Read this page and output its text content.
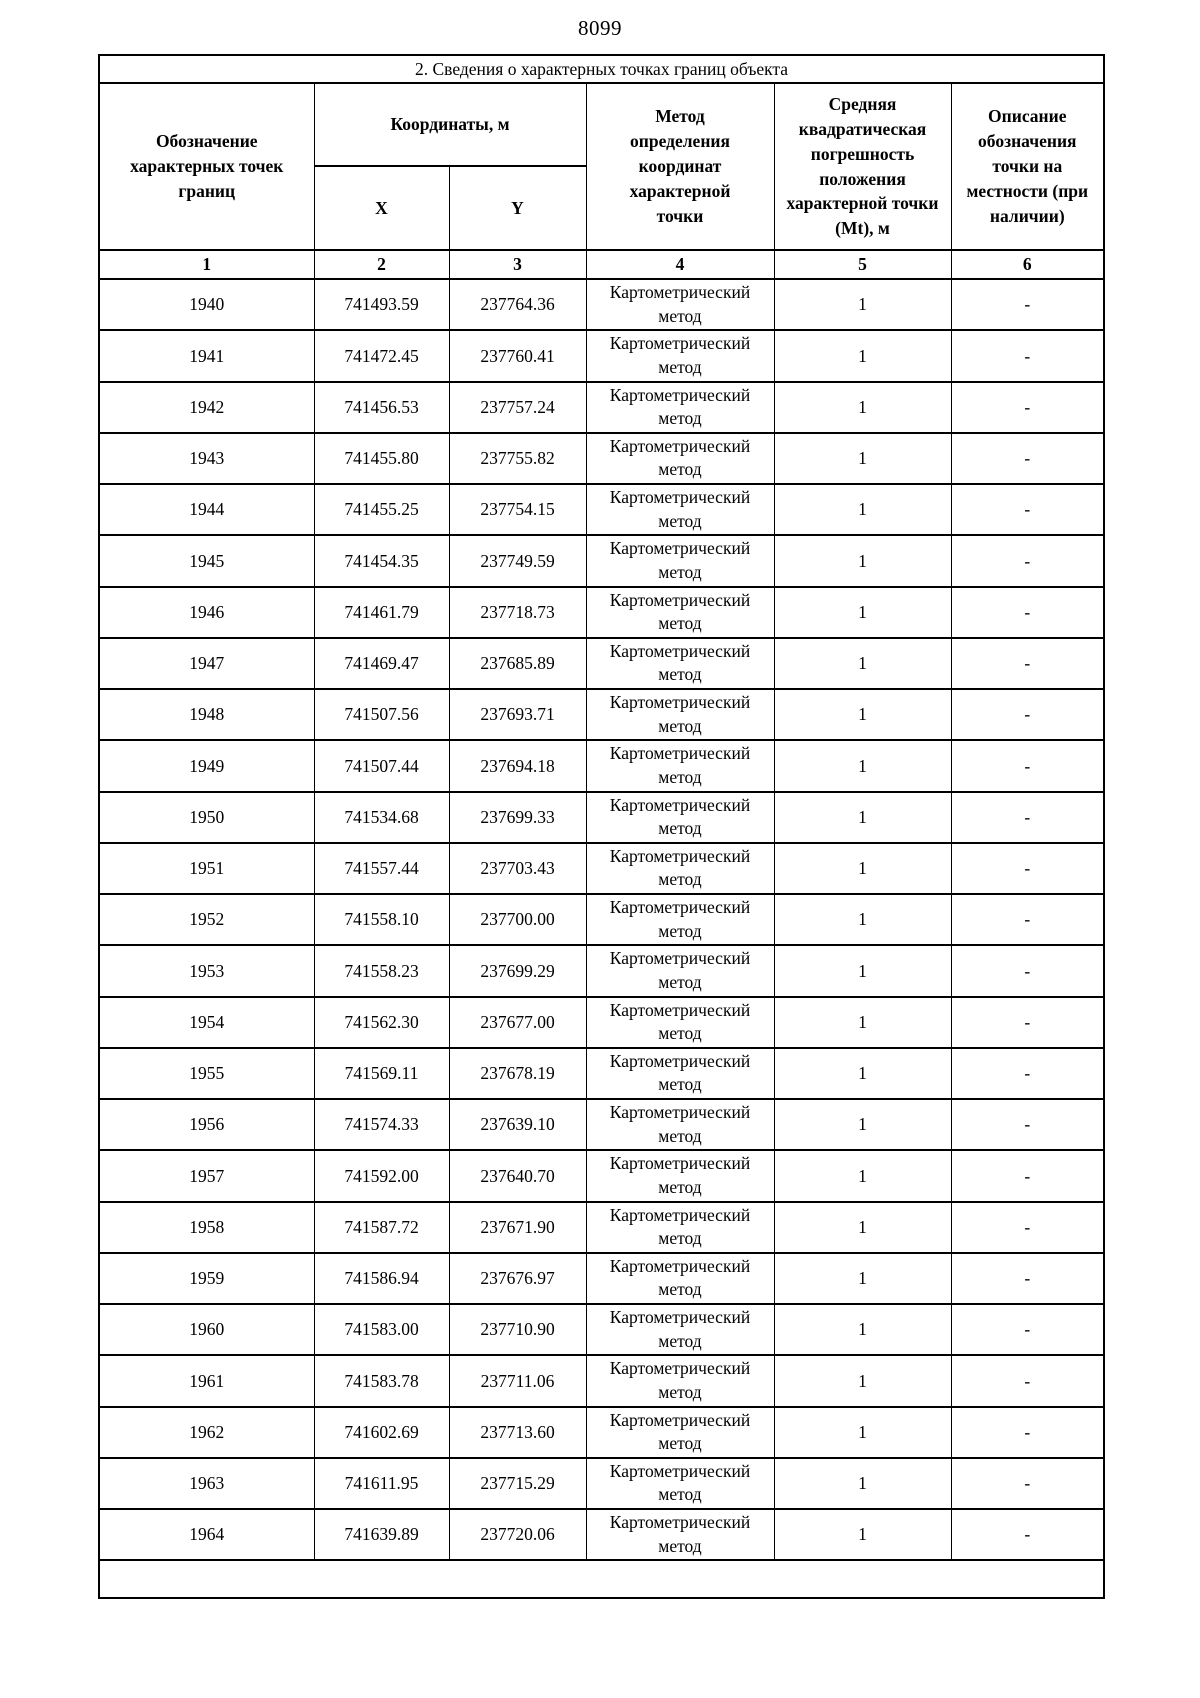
8099
2. Сведения о характерных точках границ объекта					

Обозначение характерных точек границ	Координаты, м		Метод определения координат характерной точки	Средняя квадратическая погрешность положения характерной точки (Mt), м	Описание обозначения точки на местности (при наличии)

	X	Y			
1	2	3	4	5	6
1940	741493.59	237764.36	Картометрический метод	1	-
1941	741472.45	237760.41	Картометрический метод	1	-
1942	741456.53	237757.24	Картометрический метод	1	-
1943	741455.80	237755.82	Картометрический метод	1	-
1944	741455.25	237754.15	Картометрический метод	1	-
1945	741454.35	237749.59	Картометрический метод	1	-
1946	741461.79	237718.73	Картометрический метод	1	-
1947	741469.47	237685.89	Картометрический метод	1	-
1948	741507.56	237693.71	Картометрический метод	1	-
1949	741507.44	237694.18	Картометрический метод	1	-
1950	741534.68	237699.33	Картометрический метод	1	-
1951	741557.44	237703.43	Картометрический метод	1	-
1952	741558.10	237700.00	Картометрический метод	1	-
1953	741558.23	237699.29	Картометрический метод	1	-
1954	741562.30	237677.00	Картометрический метод	1	-
1955	741569.11	237678.19	Картометрический метод	1	-
1956	741574.33	237639.10	Картометрический метод	1	-
1957	741592.00	237640.70	Картометрический метод	1	-
1958	741587.72	237671.90	Картометрический метод	1	-
1959	741586.94	237676.97	Картометрический метод	1	-
1960	741583.00	237710.90	Картометрический метод	1	-
1961	741583.78	237711.06	Картометрический метод	1	-
1962	741602.69	237713.60	Картометрический метод	1	-
1963	741611.95	237715.29	Картометрический метод	1	-
1964	741639.89	237720.06	Картометрический метод	1	-
